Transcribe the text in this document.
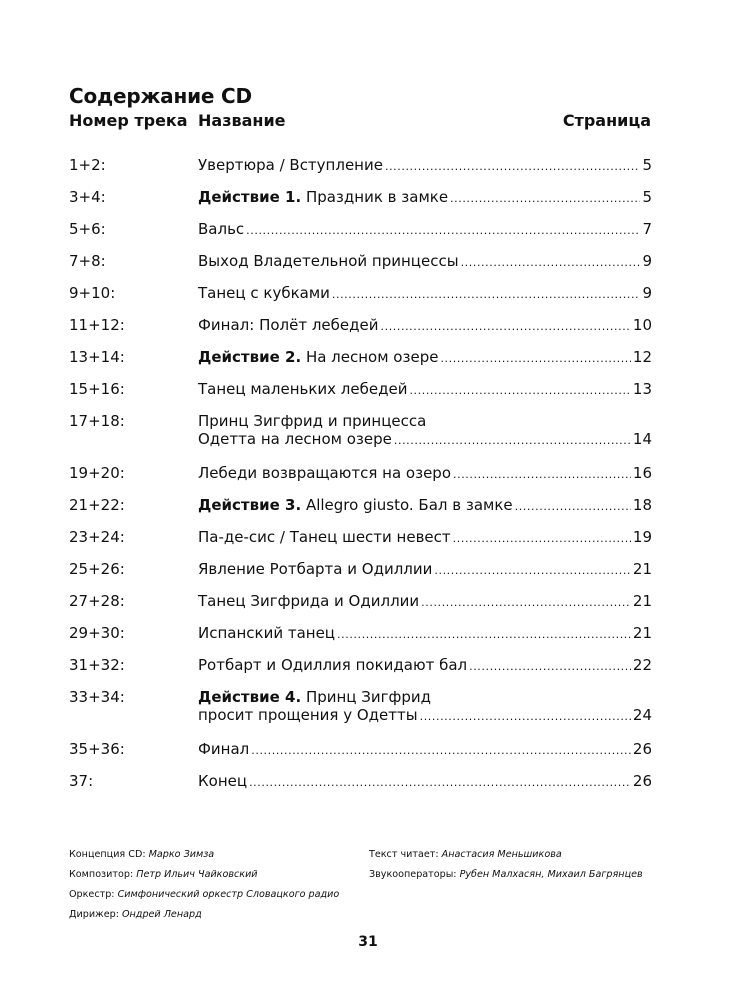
Содержание CD
Номер трека Название	Страница
1+2:	Увертюра / Вступление .....	5
3+4:	Действие 1. Праздник в замке .....	5
5+6:	Вальс .....	7
7+8:	Выход Владетельной принцессы .....	9
9+10:	Танец с кубками .....	9
11+12:	Финал: Полёт лебедей .....	10
13+14:	Действие 2. На лесном озере .....	12
15+16:	Танец маленьких лебедей .....	13
17+18:	Принц Зигфрид и принцесса
Одетта на лесном озере .....	14
19+20:	Лебеди возвращаются на озеро .....	16
21+22:	Действие 3. Allegro giusto. Бал в замке .....	18
23+24:	Па-де-сис / Танец шести невест .....	19
25+26:	Явление Ротбарта и Одиллии .....	21
27+28:	Танец Зигфрида и Одиллии .....	21
29+30:	Испанский танец .....	21
31+32:	Ротбарт и Одиллия покидают бал .....	22
33+34:	Действие 4. Принц Зигфрид
просит прощения у Одетты .....	24
35+36:	Финал .....	26
37:	Конец .....	26
Концепция CD: Марко Зимза
Композитор: Петр Ильич Чайковский
Оркестр: Симфонический оркестр Словацкого радио
Дирижер: Ондрей Ленард
Текст читает: Анастасия Меньшикова
Звукооператоры: Рубен Малхасян, Михаил Багрянцев
31
